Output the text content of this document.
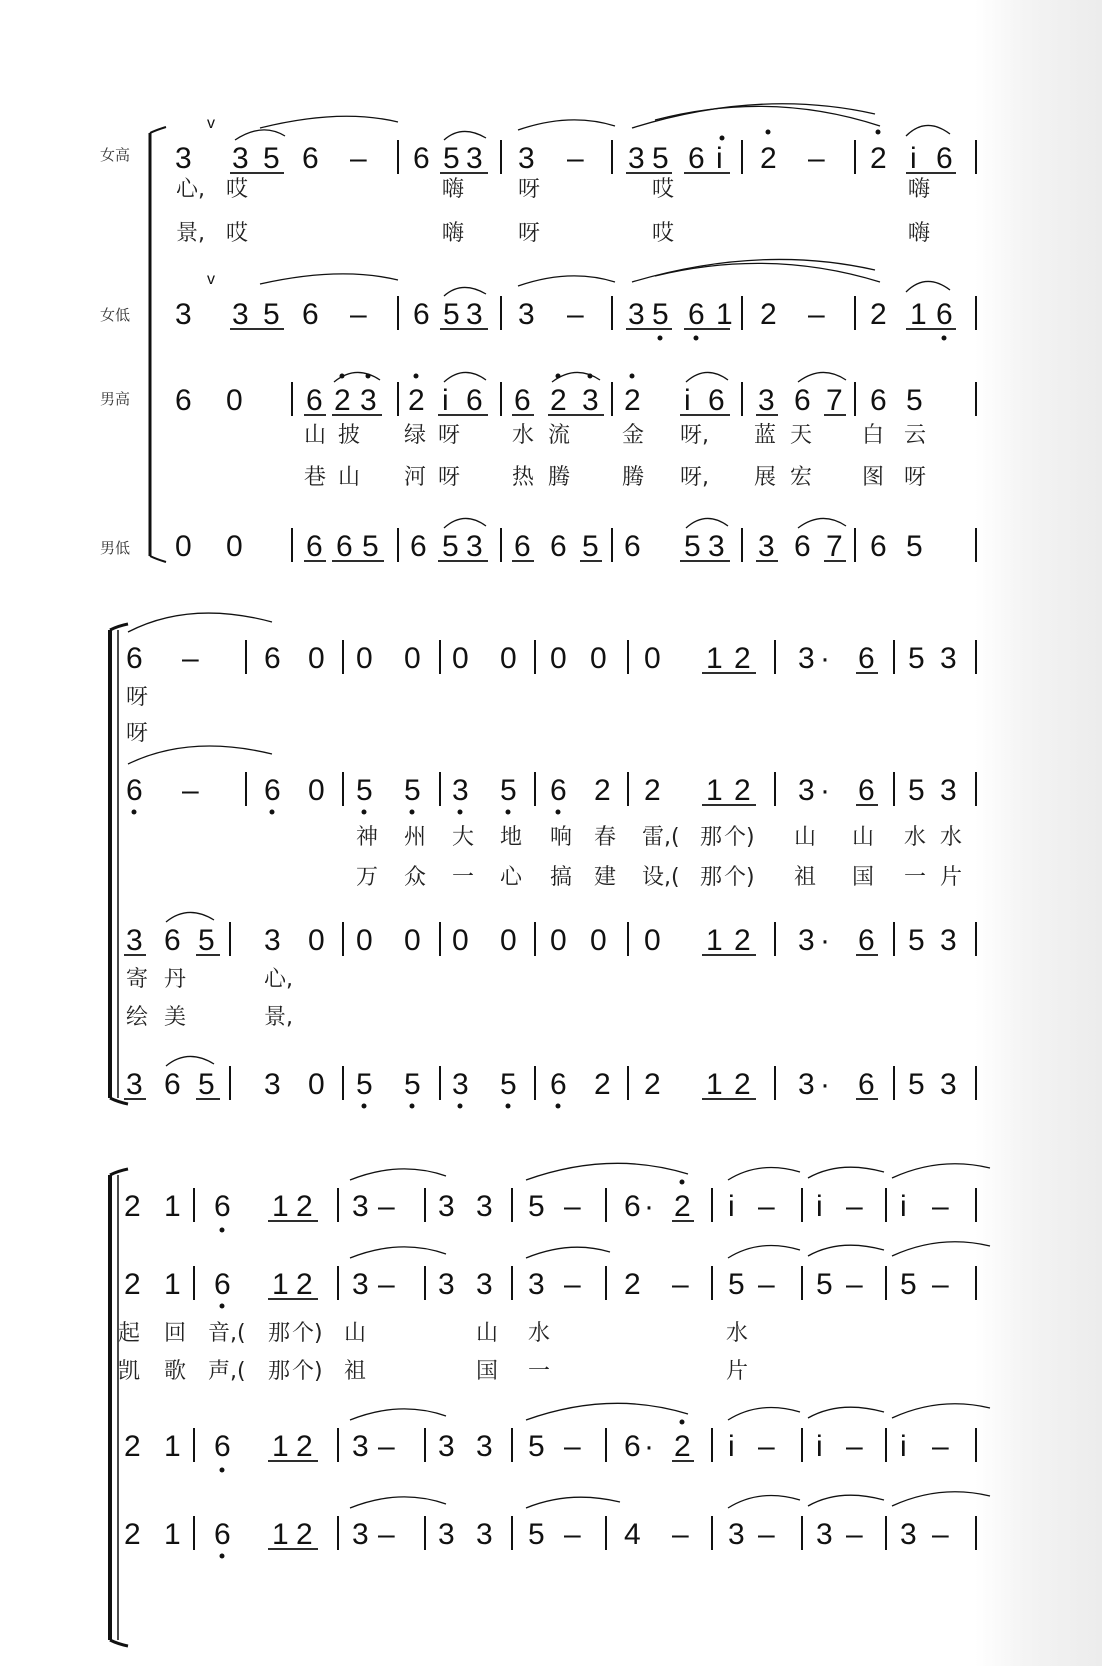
女高
女低
男高
男低
3
v
3 5 6 – 6 5 3 3 – 3 5 6 i 2 – 2 i 6
心, 哎	嗨 呀	哎	嗨
景, 哎	嗨 呀	哎	嗨
3
v
3 5 6 – 6 5 3 3 – 3 5 6 1 2 – 2 1 6
6 0 6 2 3 2 i 6 6 2 3 2 i 6 3 6 7 6 5
山 披 绿 呀 水 流 金 呀, 蓝 天 白 云
巷 山 河 呀 热 腾 腾 呀, 展 宏 图 呀
0 0 6 6 5 6 5 3 6 6 5 6 5 3 3 6 7 6 5
6 – 6 0 0 0 0 0 0 0 0 1 2 3 · 6 5 3
呀
呀
6 – 6 0 5 5 3 5 6 2 2 1 2 3 · 6 5 3
神 州 大 地 响 春 雷,( 那 个) 山 山 水 水
万 众 一 心 搞 建 设,( 那 个) 祖 国 一 片
3 6 5 3 0 0 0 0 0 0 0 0 1 2 3 · 6 5 3
寄 丹	心,
绘 美	景,
3 6 5 3 0 5 5 3 5 6 2 2 1 2 3 · 6 5 3
2 1 6 1 2 3 – 3 3 5 – 6 · 2 i – i – i –
2 1 6 1 2 3 – 3 3 3 – 2 – 5 – 5 – 5 –
起 回 音,( 那 个) 山	山 水	水
凯 歌 声,( 那 个) 祖	国 一	片
2 1 6 1 2 3 – 3 3 5 – 6 · 2 i – i – i –
2 1 6 1 2 3 – 3 3 5 – 4 – 3 – 3 – 3 –
